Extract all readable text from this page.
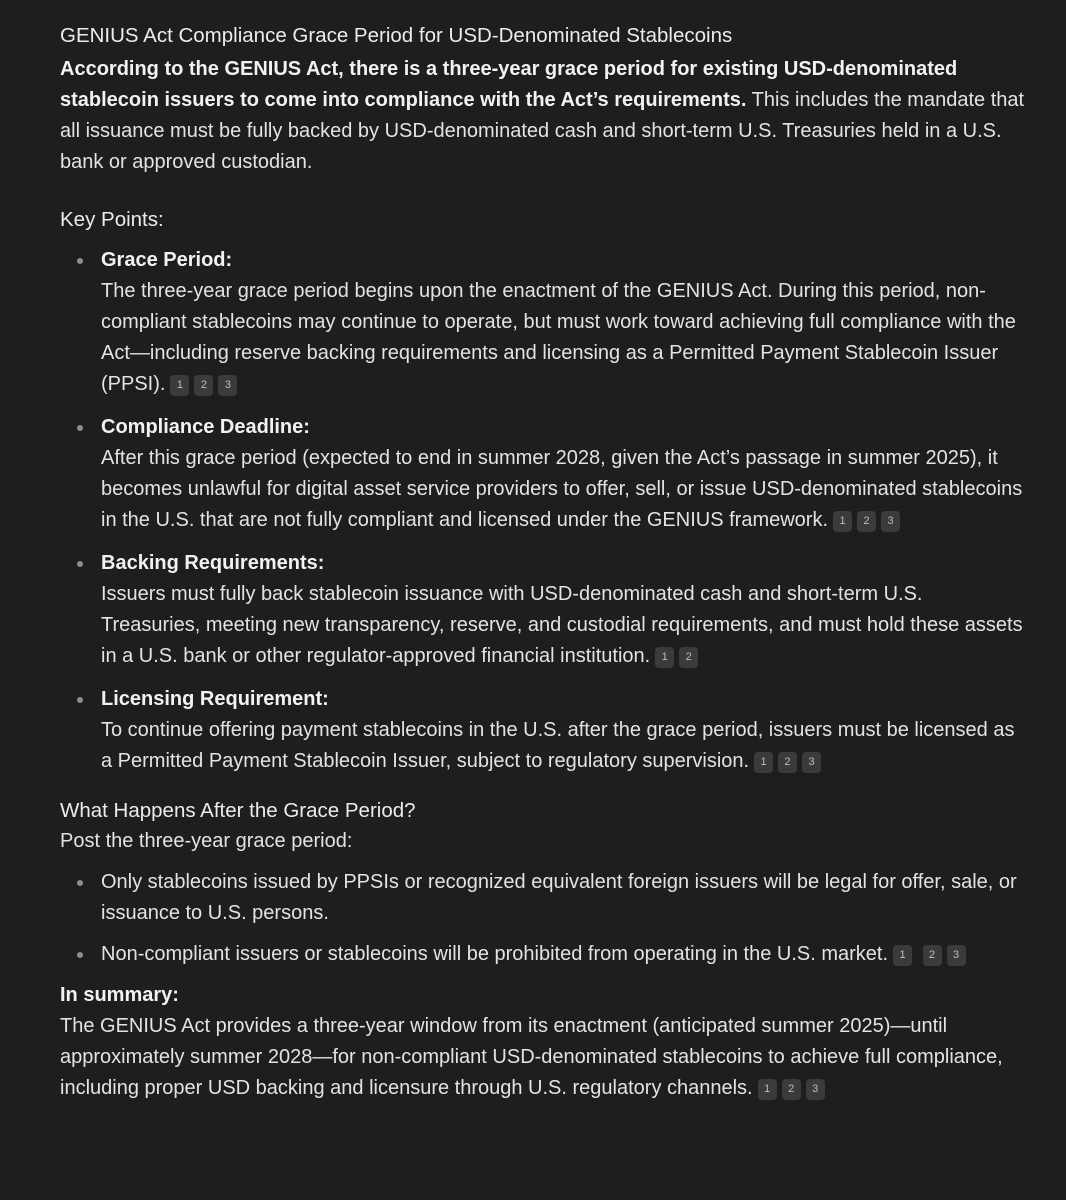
GENIUS Act Compliance Grace Period for USD-Denominated Stablecoins

According to the GENIUS Act, there is a three-year grace period for existing USD-denominated stablecoin issuers to come into compliance with the Act’s requirements. This includes the mandate that all issuance must be fully backed by USD-denominated cash and short-term U.S. Treasuries held in a U.S. bank or approved custodian.

Key Points:
Grace Period:
The three-year grace period begins upon the enactment of the GENIUS Act. During this period, non-compliant stablecoins may continue to operate, but must work toward achieving full compliance with the Act—including reserve backing requirements and licensing as a Permitted Payment Stablecoin Issuer (PPSI). 1 2 3
Compliance Deadline:
After this grace period (expected to end in summer 2028, given the Act’s passage in summer 2025), it becomes unlawful for digital asset service providers to offer, sell, or issue USD-denominated stablecoins in the U.S. that are not fully compliant and licensed under the GENIUS framework. 1 2 3
Backing Requirements:
Issuers must fully back stablecoin issuance with USD-denominated cash and short-term U.S. Treasuries, meeting new transparency, reserve, and custodial requirements, and must hold these assets in a U.S. bank or other regulator-approved financial institution. 1 2
Licensing Requirement:
To continue offering payment stablecoins in the U.S. after the grace period, issuers must be licensed as a Permitted Payment Stablecoin Issuer, subject to regulatory supervision. 1 2 3
What Happens After the Grace Period?

Post the three-year grace period:

Only stablecoins issued by PPSIs or recognized equivalent foreign issuers will be legal for offer, sale, or issuance to U.S. persons.
Non-compliant issuers or stablecoins will be prohibited from operating in the U.S. market. 1 2 3

In summary:

The GENIUS Act provides a three-year window from its enactment (anticipated summer 2025)—until approximately summer 2028—for non-compliant USD-denominated stablecoins to achieve full compliance, including proper USD backing and licensure through U.S. regulatory channels. 1 2 3
